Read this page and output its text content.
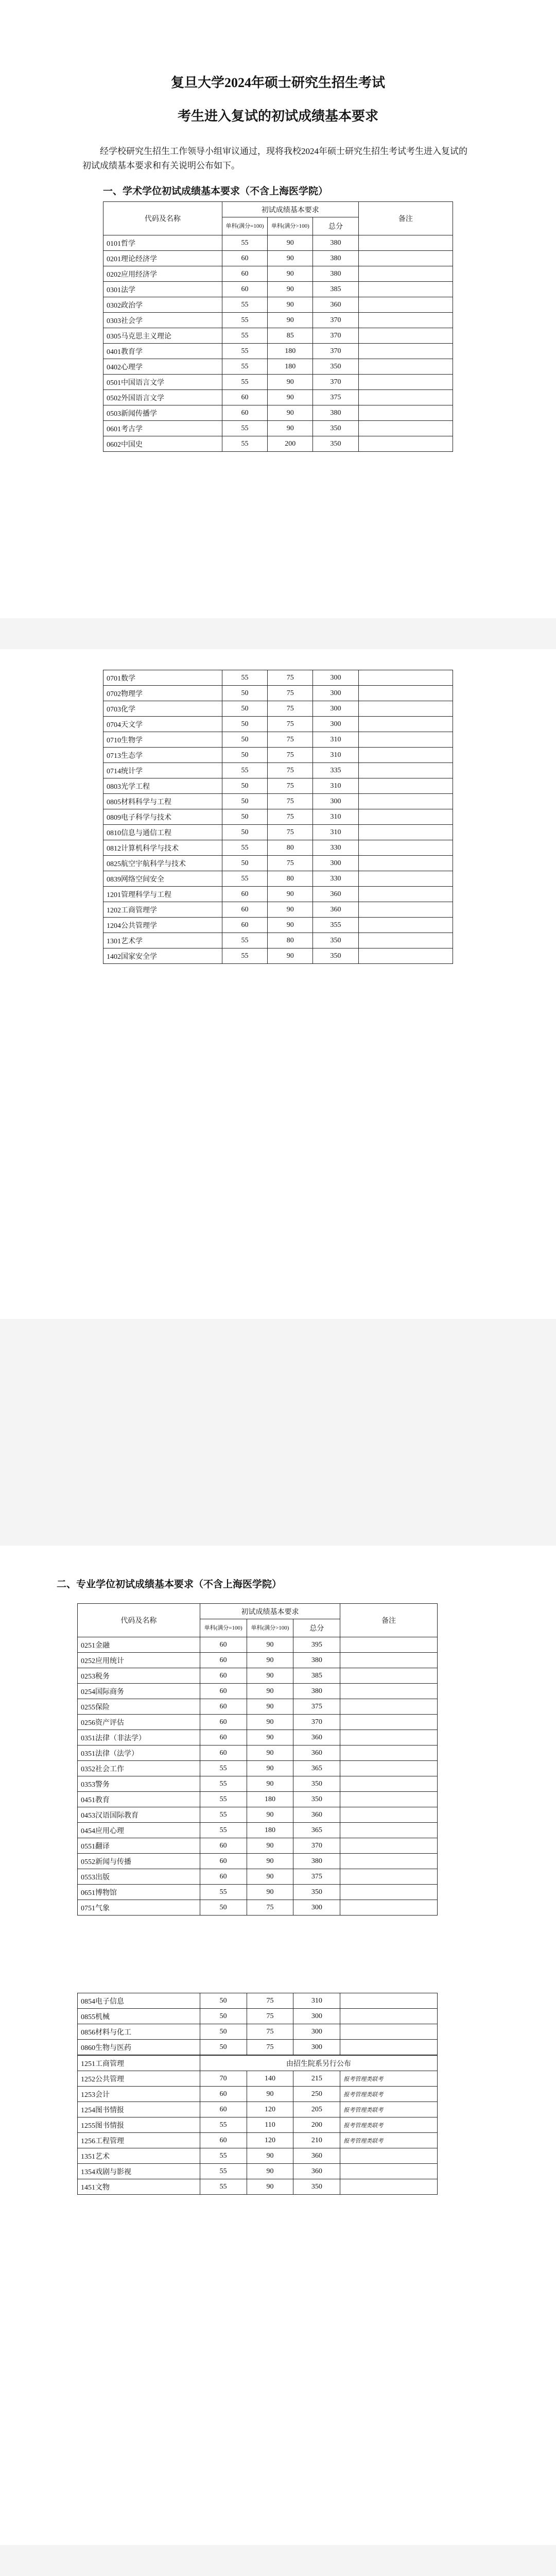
复旦大学2024年硕士研究生招生考试

考生进入复试的初试成绩基本要求

经学校研究生招生工作领导小组审议通过，现将我校2024年硕士研究生招生考试考生进入复试的初试成绩基本要求和有关说明公布如下。

一、学术学位初试成绩基本要求（不含上海医学院）

代码及名称	初试成绩基本要求			备注
	单科(满分=100)	单科(满分>100)	总分	
0101哲学	55	90	380	
0201理论经济学	60	90	380	
0202应用经济学	60	90	380	
0301法学	60	90	385	
0302政治学	55	90	360	
0303社会学	55	90	370	
0305马克思主义理论	55	85	370	
0401教育学	55	180	370	
0402心理学	55	180	350	
0501中国语言文学	55	90	370	
0502外国语言文学	60	90	375	
0503新闻传播学	60	90	380	
0601考古学	55	90	350	
0602中国史	55	200	350	
0701数学	55	75	300	
0702物理学	50	75	300	
0703化学	50	75	300	
0704天文学	50	75	300	
0710生物学	50	75	310	
0713生态学	50	75	310	
0714统计学	55	75	335	
0803光学工程	50	75	310	
0805材料科学与工程	50	75	300	
0809电子科学与技术	50	75	310	
0810信息与通信工程	50	75	310	
0812计算机科学与技术	55	80	330	
0825航空宇航科学与技术	50	75	300	
0839网络空间安全	55	80	330	
1201管理科学与工程	60	90	360	
1202工商管理学	60	90	360	
1204公共管理学	60	90	355	
1301艺术学	55	80	350	
1402国家安全学	55	90	350	

二、专业学位初试成绩基本要求（不含上海医学院）

代码及名称	初试成绩基本要求			备注
	单科(满分=100)	单科(满分>100)	总分	
0251金融	60	90	395	
0252应用统计	60	90	380	
0253税务	60	90	385	
0254国际商务	60	90	380	
0255保险	60	90	375	
0256资产评估	60	90	370	
0351法律（非法学）	60	90	360	
0351法律（法学）	60	90	360	
0352社会工作	55	90	365	
0353警务	55	90	350	
0451教育	55	180	350	
0453汉语国际教育	55	90	360	
0454应用心理	55	180	365	
0551翻译	60	90	370	
0552新闻与传播	60	90	380	
0553出版	60	90	375	
0651博物馆	55	90	350	
0751气象	50	75	300	
0854电子信息	50	75	310	
0855机械	50	75	300	
0856材料与化工	50	75	300	
0860生物与医药	50	75	300	
1251工商管理	由招生院系另行公布			
1252公共管理	70	140	215	报考管理类联考
1253会计	60	90	250	报考管理类联考
1254图书情报	60	120	205	报考管理类联考
1255图书情报	55	110	200	报考管理类联考
1256工程管理	60	120	210	报考管理类联考
1351艺术	55	90	360	
1354戏剧与影视	55	90	360	
1451文物	55	90	350	
